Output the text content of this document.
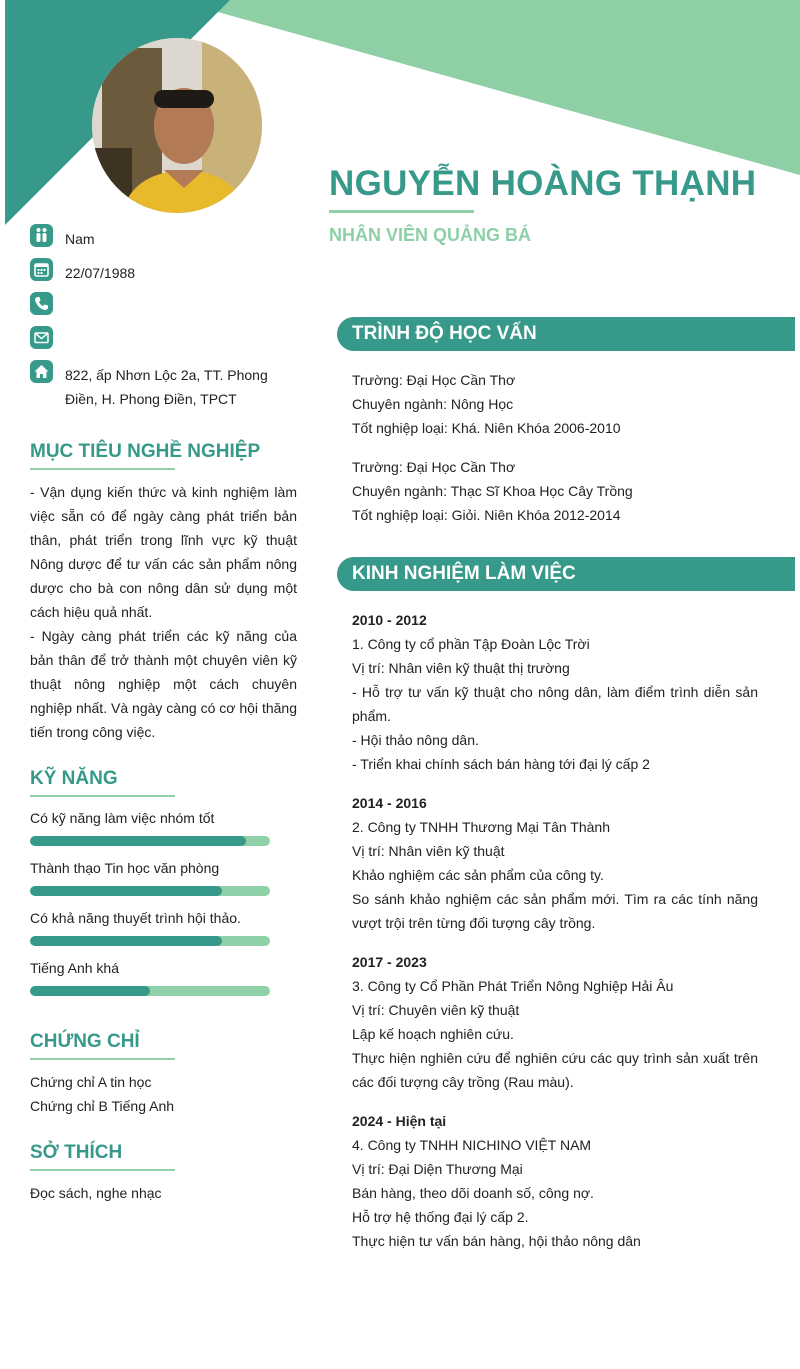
NGUYỄN HOÀNG THẠNH
NHÂN VIÊN QUẢNG BÁ
Nam
22/07/1988
822, ấp Nhơn Lộc 2a, TT. Phong Điền, H. Phong Điền, TPCT
MỤC TIÊU NGHỀ NGHIỆP
- Vận dụng kiến thức và kinh nghiệm làm việc sẵn có để ngày càng phát triển bản thân, phát triển trong lĩnh vực kỹ thuật Nông dược để tư vấn các sản phẩm nông dược cho bà con nông dân sử dụng một cách hiệu quả nhất.
- Ngày càng phát triển các kỹ năng của bản thân để trở thành một chuyên viên kỹ thuật nông nghiệp một cách chuyên nghiệp nhất. Và ngày càng có cơ hội thăng tiến trong công việc.
KỸ NĂNG
Có kỹ năng làm việc nhóm tốt
Thành thạo Tin học văn phòng
Có khả năng thuyết trình hội thảo.
Tiếng Anh khá
CHỨNG CHỈ
Chứng chỉ A tin học
Chứng chỉ B Tiếng Anh
SỞ THÍCH
Đọc sách, nghe nhạc
TRÌNH ĐỘ HỌC VẤN
Trường: Đại Học Cần Thơ
Chuyên ngành: Nông Học
Tốt nghiệp loại: Khá. Niên Khóa 2006-2010
Trường: Đại Học Cần Thơ
Chuyên ngành: Thạc Sĩ Khoa Học Cây Trồng
Tốt nghiệp loại: Giỏi. Niên Khóa 2012-2014
KINH NGHIỆM LÀM VIỆC
2010 - 2012
1. Công ty cổ phần Tập Đoàn Lộc Trời
Vị trí: Nhân viên kỹ thuật thị trường
- Hỗ trợ tư vấn kỹ thuật cho nông dân, làm điểm trình diễn sản phẩm.
- Hội thảo nông dân.
- Triển khai chính sách bán hàng tới đại lý cấp 2
2014 - 2016
2. Công ty TNHH Thương Mại Tân Thành
Vị trí: Nhân viên kỹ thuật
Khảo nghiệm các sản phẩm của công ty.
So sánh khảo nghiệm các sản phẩm mới. Tìm ra các tính năng vượt trội trên từng đối tượng cây trồng.
2017 - 2023
3. Công ty Cổ Phần Phát Triển Nông Nghiệp Hải Âu
Vị trí: Chuyên viên kỹ thuật
Lập kế hoạch nghiên cứu.
Thực hiện nghiên cứu để nghiên cứu các quy trình sản xuất trên các đối tượng cây trồng (Rau màu).
2024 - Hiện tại
4. Công ty TNHH NICHINO VIỆT NAM
Vị trí: Đại Diện Thương Mại
Bán hàng, theo dõi doanh số, công nợ.
Hỗ trợ hệ thống đại lý cấp 2.
Thực hiện tư vấn bán hàng, hội thảo nông dân
